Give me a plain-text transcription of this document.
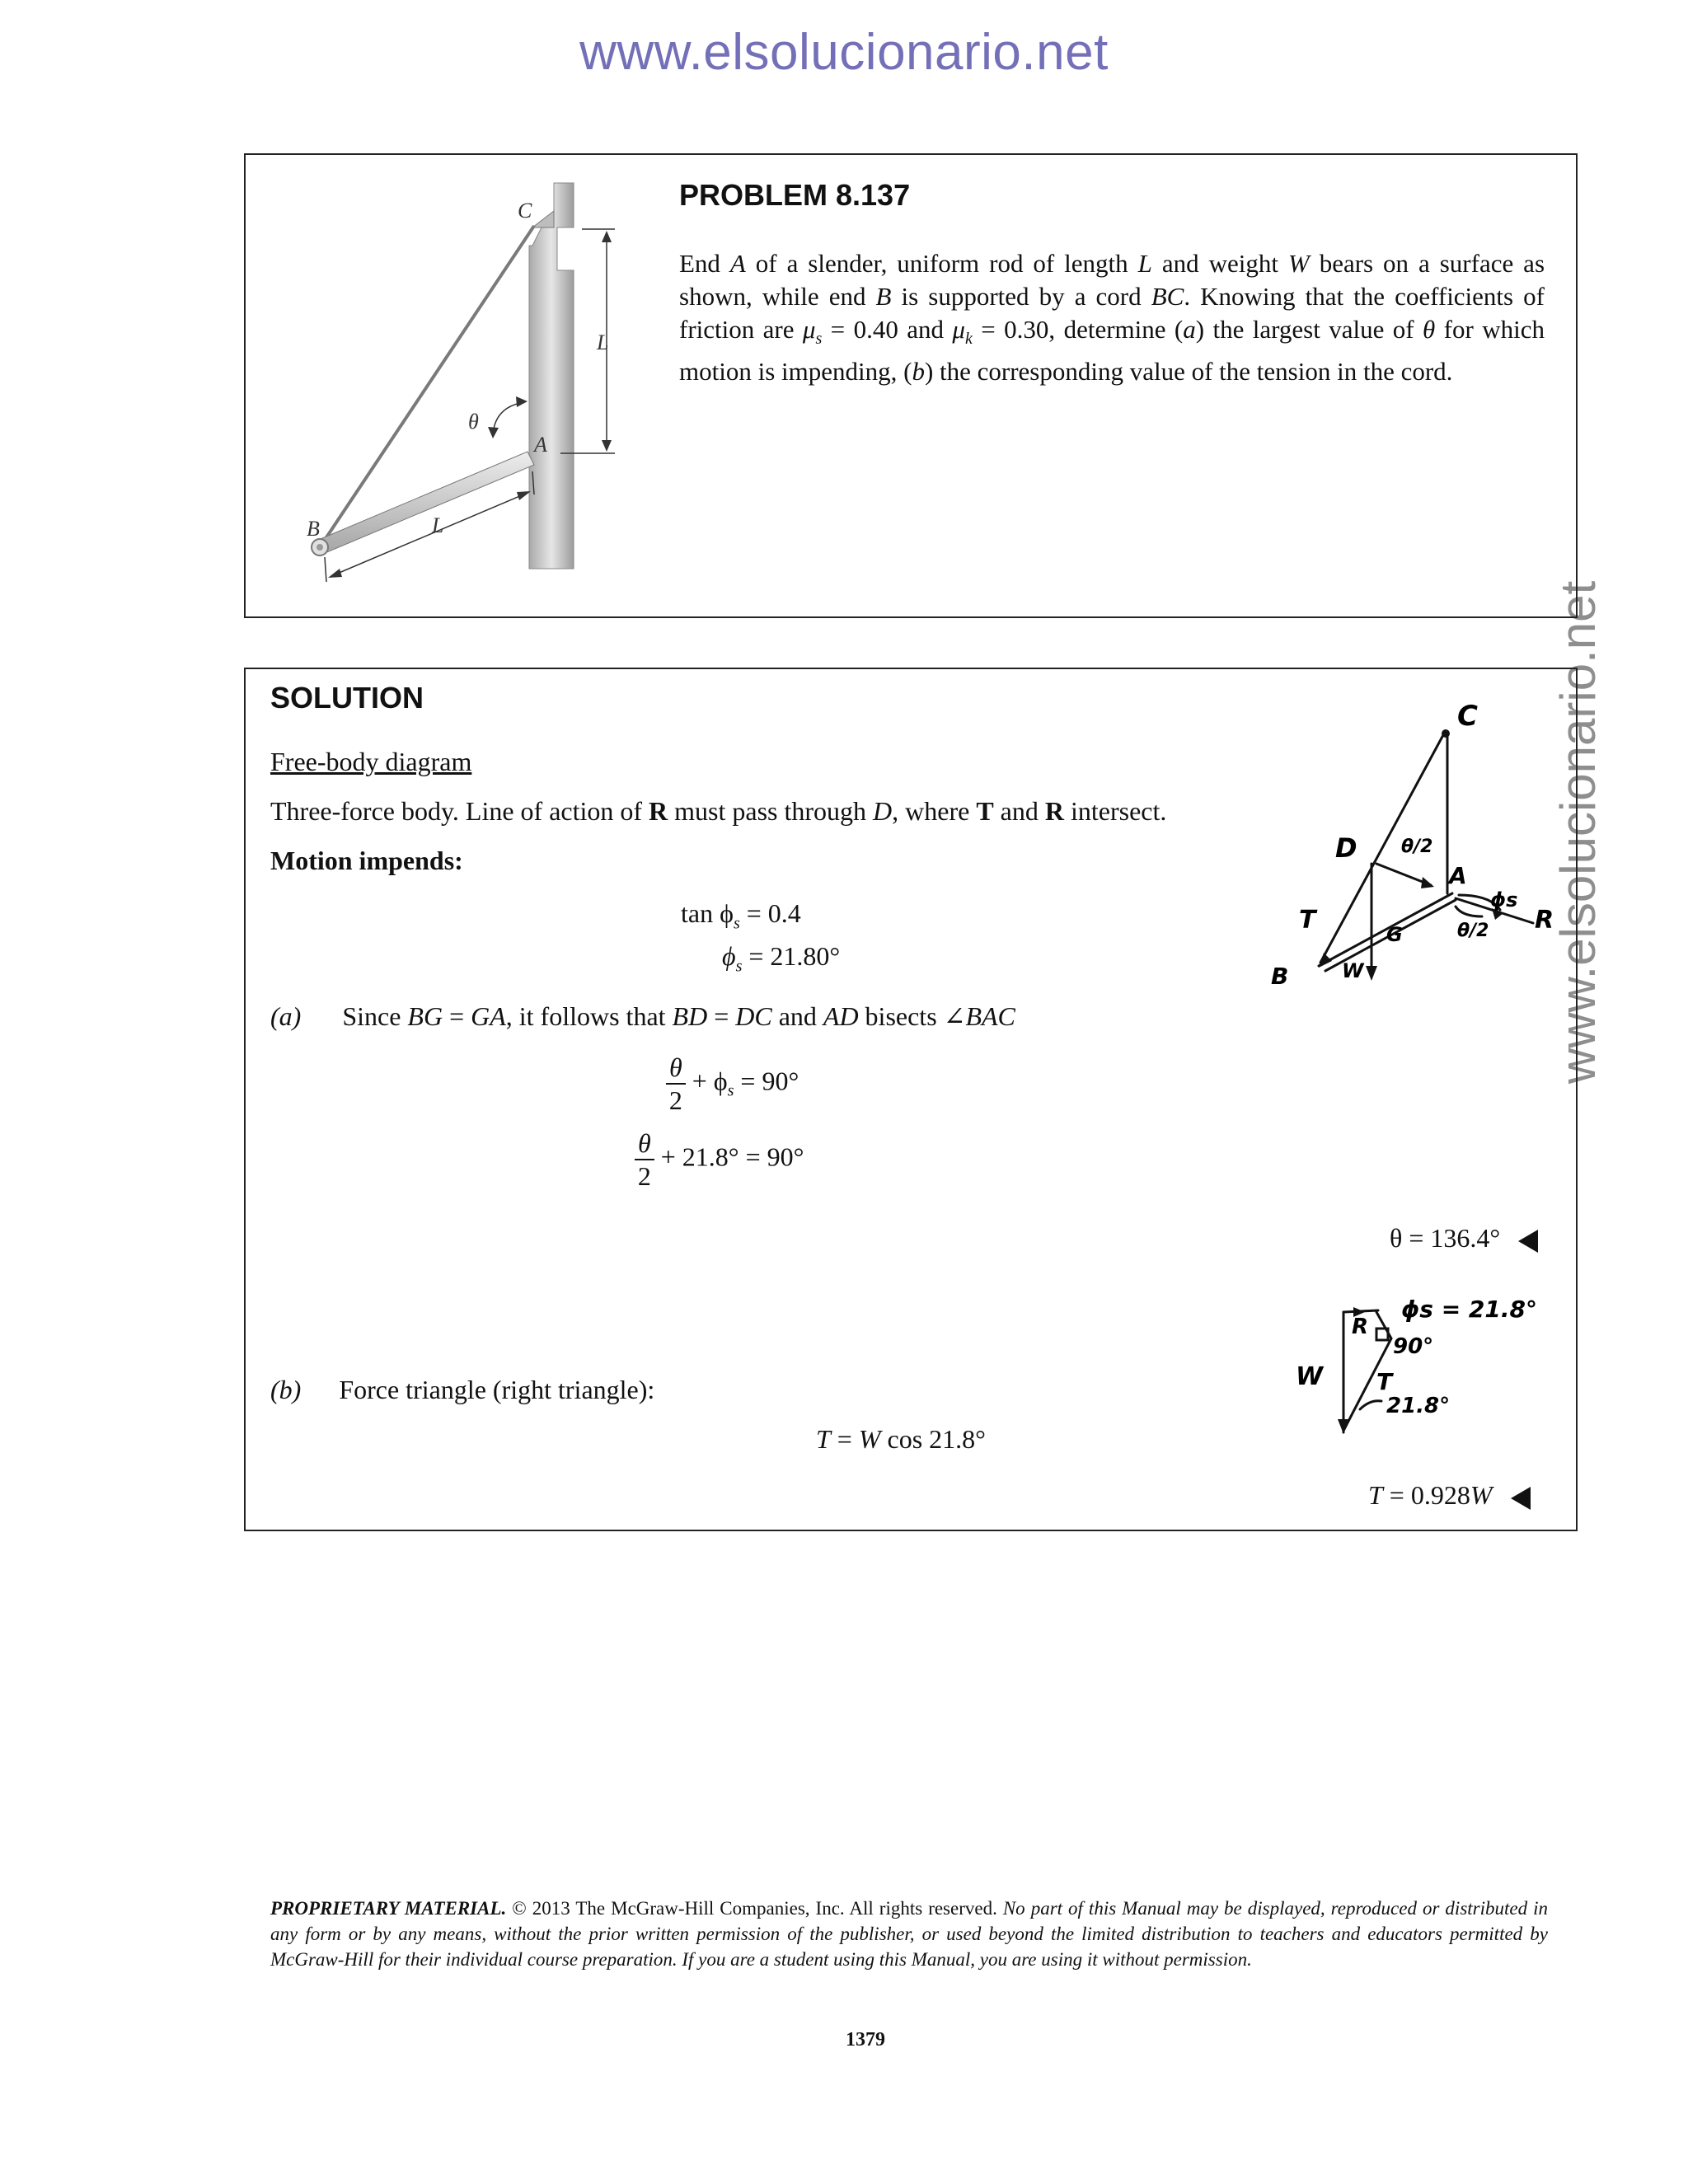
www.elsolucionario.net
www.elsolucionario.net
C
L
θ
A
B	L
PROBLEM 8.137
End A of a slender, uniform rod of length L and weight W bears on a surface as shown, while end B is supported by a cord BC. Knowing that the coefficients of friction are $\mu_s = 0.40$ and $\mu_k = 0.30$, determine (a) the largest value of θ for which motion is impending, (b) the corresponding value of the tension in the cord.
SOLUTION
Free-body diagram
Three-force body. Line of action of R must pass through D, where T and R intersect.
Motion impends:
$\tan \phi_s = 0.4$
$\phi_s = 21.80^\circ$
(a) Since BG = GA, it follows that BD = DC and AD bisects ∠BAC
$\frac{\theta}{2} + \phi_s = 90^\circ$
$\frac{\theta}{2} + 21.8^\circ = 90^\circ$
θ = 136.4°
(b) Force triangle (right triangle):
T = W cos 21.8°
T = 0.928W
C
D θ/2
A
ϕs
R
T	G	θ/2
B	W
ϕs = 21.8°
R
90°
W T
21.8°
PROPRIETARY MATERIAL. © 2013 The McGraw-Hill Companies, Inc. All rights reserved. No part of this Manual may be displayed, reproduced or distributed in any form or by any means, without the prior written permission of the publisher, or used beyond the limited distribution to teachers and educators permitted by McGraw-Hill for their individual course preparation. If you are a student using this Manual, you are using it without permission.
1379
